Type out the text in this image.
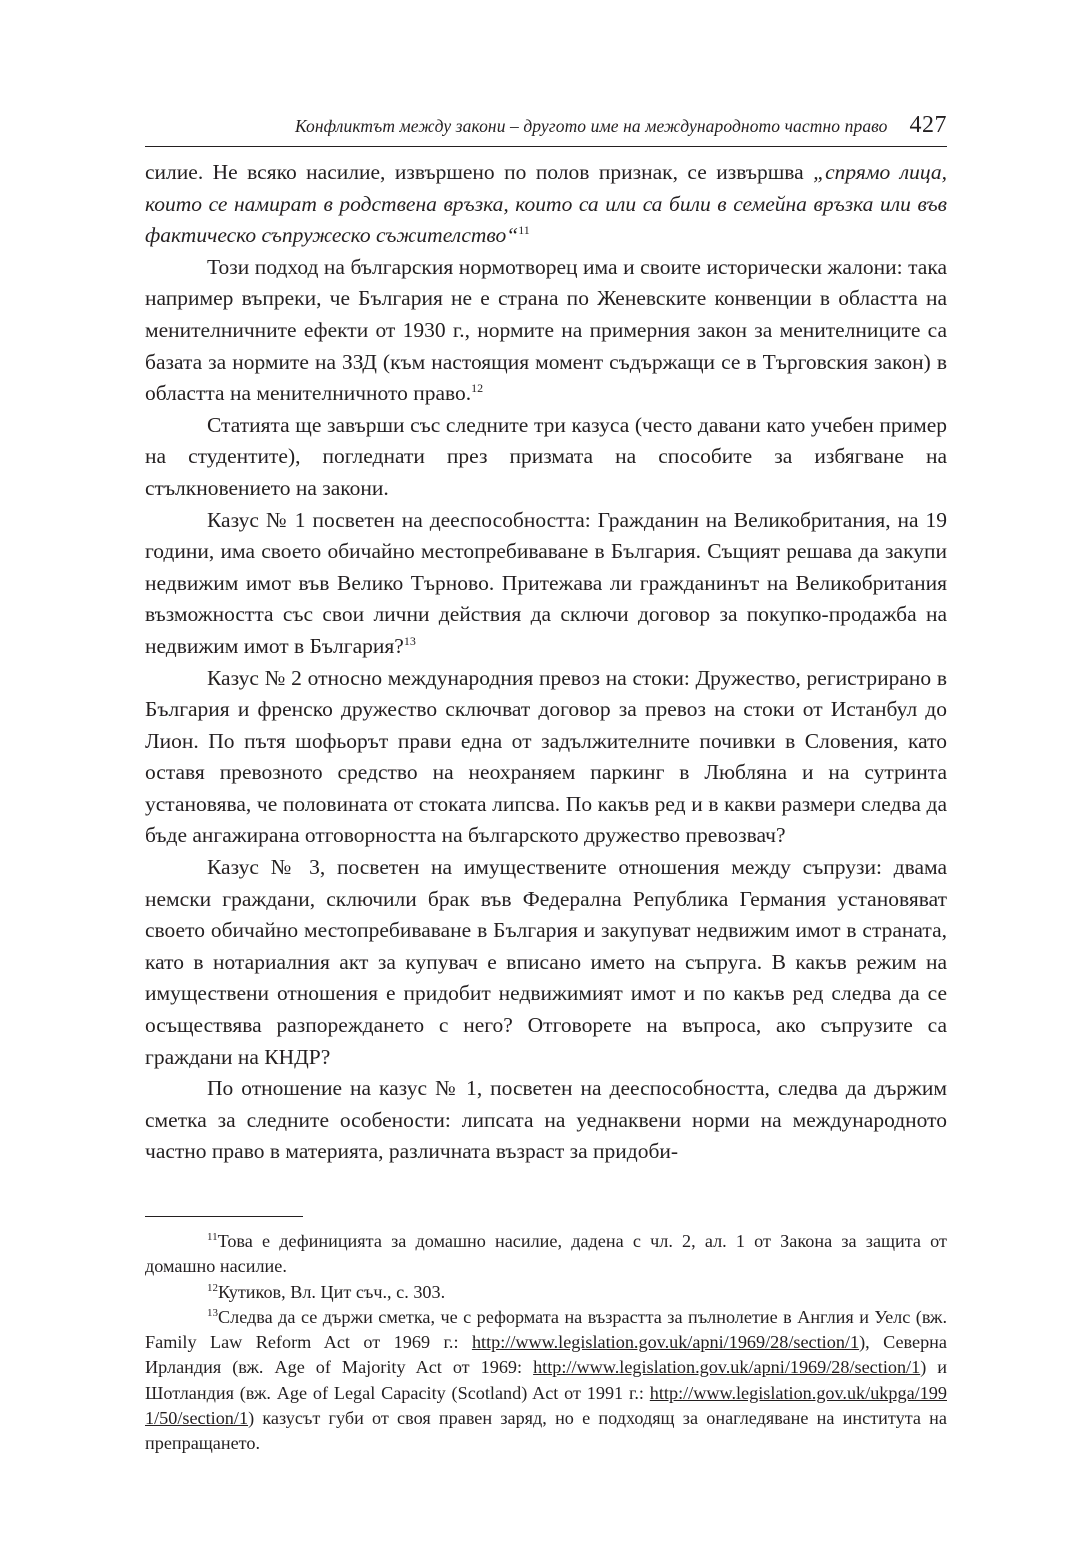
Конфликтът между закони – другото име на международното частно право 427

силие. Не всяко насилие, извършено по полов признак, се извършва „спрямо лица, които се намират в родствена връзка, които са или са били в семейна връзка или във фактическо съпружеско съжителство“$^{11}$

Този подход на българския нормотворец има и своите исторически жалони: така например въпреки, че България не е страна по Женевските конвенции в областта на менителничните ефекти от 1930 г., нормите на примерния закон за менителниците са базата за нормите на ЗЗД (към настоящия момент съдържащи се в Търговския закон) в областта на менителничното право.$^{12}$

Статията ще завърши със следните три казуса (често давани като учебен пример на студентите), погледнати през призмата на способите за избягване на стълкновението на закони.

Казус № 1 посветен на дееспособността: Гражданин на Великобритания, на 19 години, има своето обичайно местопребиваване в България. Същият решава да закупи недвижим имот във Велико Търново. Притежава ли гражданинът на Великобритания възможността със свои лични действия да сключи договор за покупко-продажба на недвижим имот в България?$^{13}$

Казус № 2 относно международния превоз на стоки: Дружество, регистрирано в България и френско дружество сключват договор за превоз на стоки от Истанбул до Лион. По пътя шофьорът прави една от задължителните почивки в Словения, като оставя превозното средство на неохраняем паркинг в Любляна и на сутринта установява, че половината от стоката липсва. По какъв ред и в какви размери следва да бъде ангажирана отговорността на българското дружество превозвач?

Казус № 3, посветен на имуществените отношения между съпрузи: двама немски граждани, сключили брак във Федерална Република Германия установяват своето обичайно местопребиваване в България и закупуват недвижим имот в страната, като в нотариалния акт за купувач е вписано името на съпруга. В какъв режим на имуществени отношения е придобит недвижимият имот и по какъв ред следва да се осъществява разпореждането с него? Отговорете на въпроса, ако съпрузите са граждани на КНДР?

По отношение на казус № 1, посветен на дееспособността, следва да държим сметка за следните особености: липсата на уеднаквени норми на международното частно право в материята, различната възраст за придоби-

$^{11}$Това е дефиницията за домашно насилие, дадена с чл. 2, ал. 1 от Закона за защита от домашно насилие.

$^{12}$Кутиков, Вл. Цит съч., с. 303.

$^{13}$Следва да се държи сметка, че с реформата на възрастта за пълнолетие в Англия и Уелс (вж. Family Law Reform Act от 1969 г.: http://www.legislation.gov.uk/apni/1969/28/section/1), Северна Ирландия (вж. Age of Majority Act от 1969: http://www.legislation.gov.uk/apni/1969/28/section/1) и Шотландия (вж. Age of Legal Capacity (Scotland) Act от 1991 г.: http://www.legislation.gov.uk/ukpga/1991/50/section/1) казусът губи от своя правен заряд, но е подходящ за онагледяване на института на препращането.
